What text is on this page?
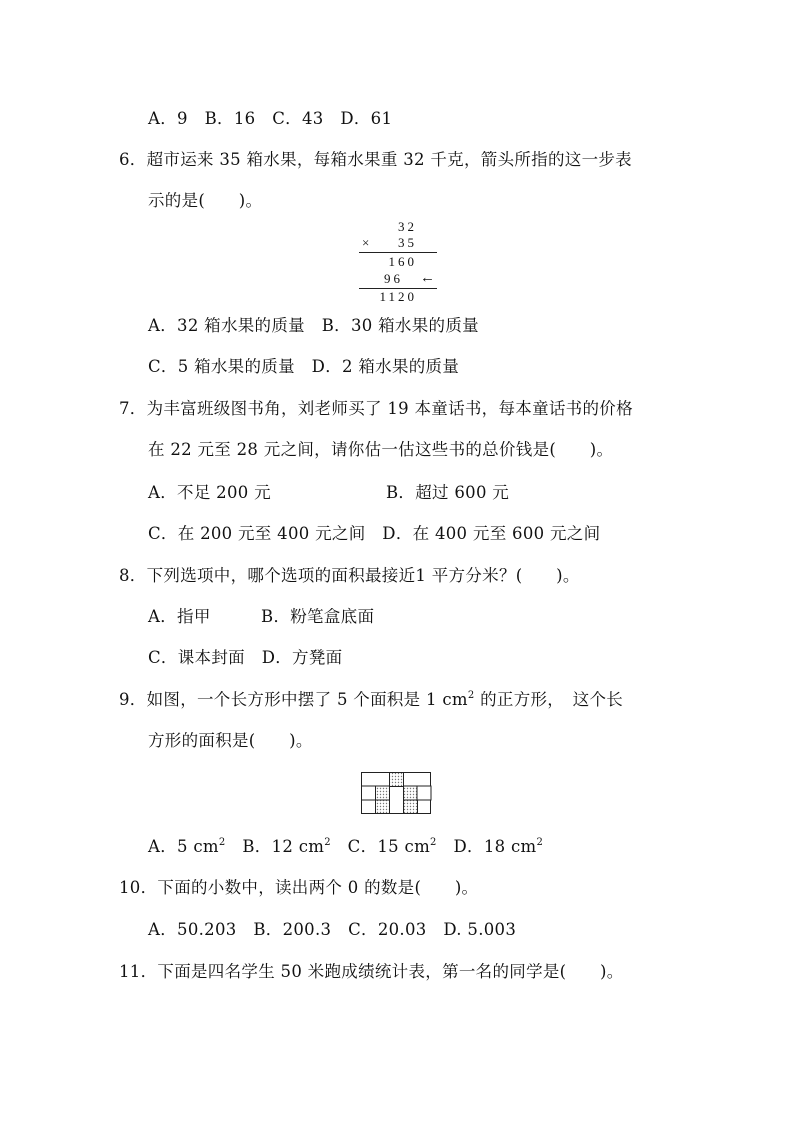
A．9　B．16　C．43　D．61
6．超市运来 35 箱水果，每箱水果重 32 千克，箭头所指的这一步表
示的是(　　)。
32
× 35
160
96 ←
1120
A．32 箱水果的质量　B．30 箱水果的质量
C．5 箱水果的质量　D．2 箱水果的质量
7．为丰富班级图书角，刘老师买了 19 本童话书，每本童话书的价格
在 22 元至 28 元之间，请你估一估这些书的总价钱是(　　)。
A．不足 200 元	B．超过 600 元
C．在 200 元至 400 元之间　D．在 400 元至 600 元之间
8．下列选项中，哪个选项的面积最接近1 平方分米？(　　)。
A．指甲　　　B．粉笔盒底面
C．课本封面　D．方凳面
9．如图，一个长方形中摆了 5 个面积是 1 $cm^2$ 的正方形，　这个长
方形的面积是(　　)。
A．5 $cm^2$　B．12 $cm^2$　C．15 $cm^2$　D．18 $cm^2$
10．下面的小数中，读出两个 0 的数是(　　)。
A．50.203　B．200.3　C．20.03　D. 5.003
11．下面是四名学生 50 米跑成绩统计表，第一名的同学是(　　)。
